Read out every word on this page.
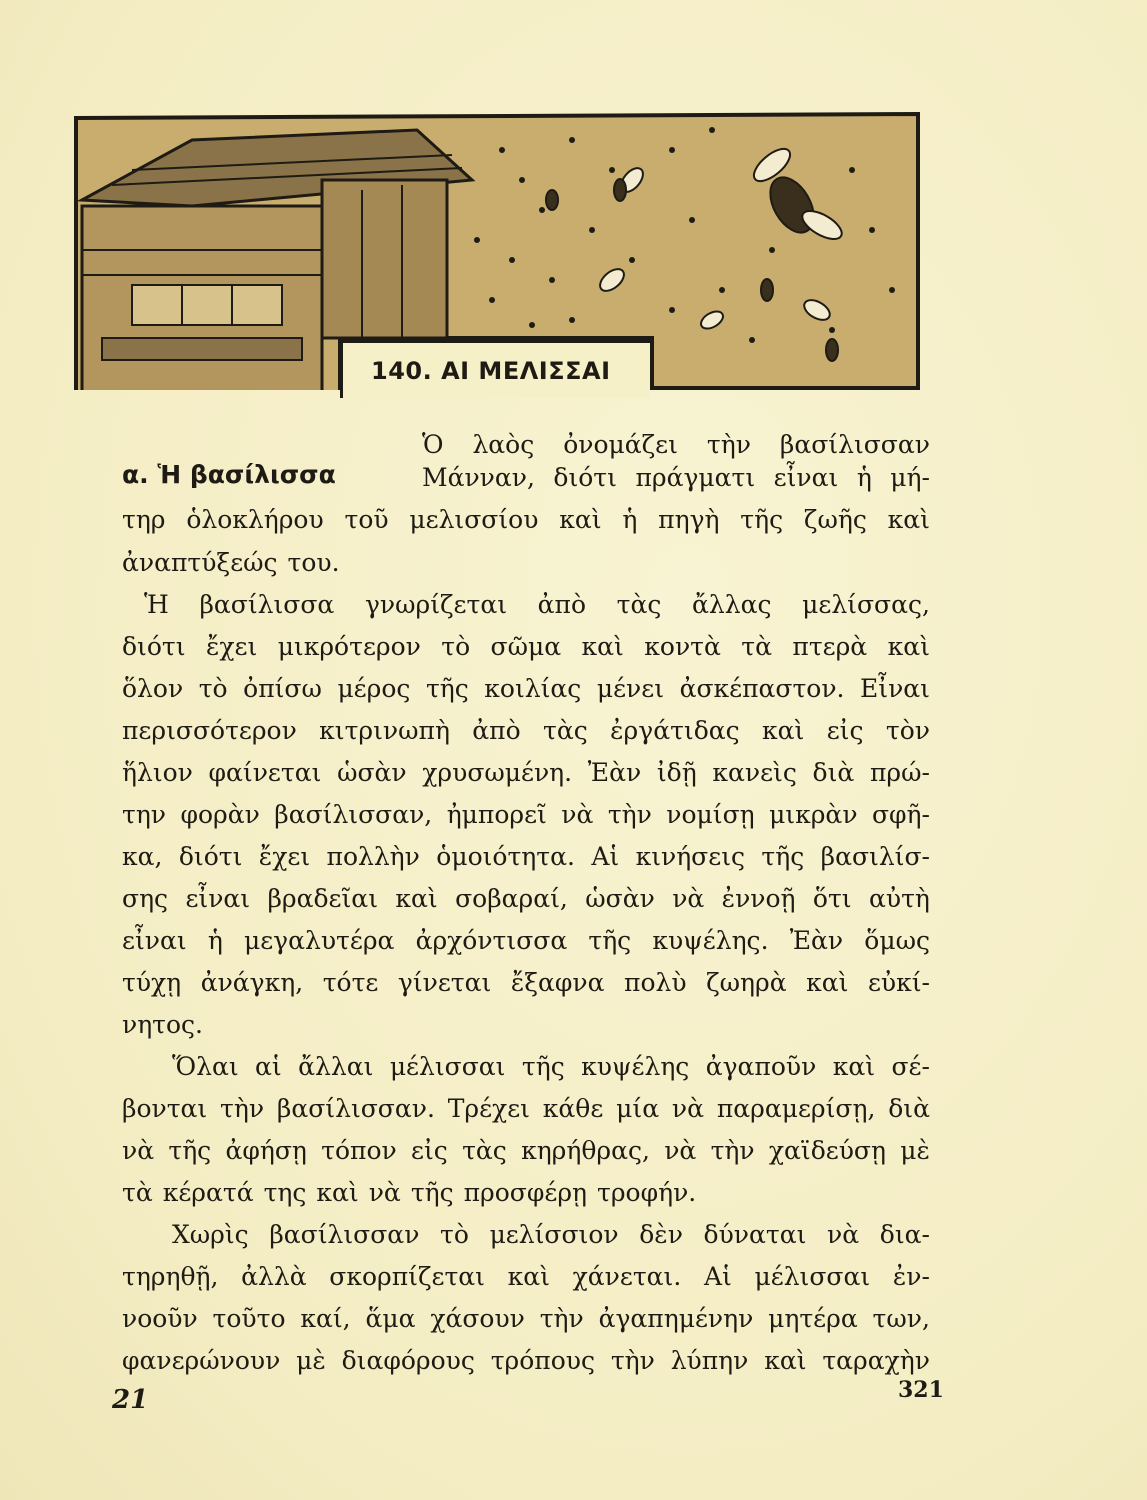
140. ΑΙ ΜΕΛΙΣΣΑΙ
α. Ἡ βασίλισσα
Ὁ λαὸς ὀνομάζει τὴν βασίλισσαν
Μάνναν, διότι πράγματι εἶναι ἡ μή-
τηρ ὁλοκλήρου τοῦ μελισσίου καὶ ἡ πηγὴ τῆς ζωῆς καὶ
ἀναπτύξεώς του.
Ἡ βασίλισσα γνωρίζεται ἀπὸ τὰς ἄλλας μελίσσας,
διότι ἔχει μικρότερον τὸ σῶμα καὶ κοντὰ τὰ πτερὰ καὶ
ὅλον τὸ ὀπίσω μέρος τῆς κοιλίας μένει ἀσκέπαστον. Εἶναι
περισσότερον κιτρινωπὴ ἀπὸ τὰς ἐργάτιδας καὶ εἰς τὸν
ἥλιον φαίνεται ὡσὰν χρυσωμένη. Ἐὰν ἰδῇ κανεὶς διὰ πρώ-
την φορὰν βασίλισσαν, ἠμπορεῖ νὰ τὴν νομίσῃ μικρὰν σφῆ-
κα, διότι ἔχει πολλὴν ὁμοιότητα. Αἱ κινήσεις τῆς βασιλίσ-
σης εἶναι βραδεῖαι καὶ σοβαραί, ὡσὰν νὰ ἐννοῇ ὅτι αὐτὴ
εἶναι ἡ μεγαλυτέρα ἀρχόντισσα τῆς κυψέλης. Ἐὰν ὅμως
τύχῃ ἀνάγκη, τότε γίνεται ἔξαφνα πολὺ ζωηρὰ καὶ εὐκί-
νητος.
Ὅλαι αἱ ἄλλαι μέλισσαι τῆς κυψέλης ἀγαποῦν καὶ σέ-
βονται τὴν βασίλισσαν. Τρέχει κάθε μία νὰ παραμερίσῃ, διὰ
νὰ τῆς ἀφήσῃ τόπον εἰς τὰς κηρήθρας, νὰ τὴν χαϊδεύσῃ μὲ
τὰ κέρατά της καὶ νὰ τῆς προσφέρῃ τροφήν.
Χωρὶς βασίλισσαν τὸ μελίσσιον δὲν δύναται νὰ δια-
τηρηθῇ, ἀλλὰ σκορπίζεται καὶ χάνεται. Αἱ μέλισσαι ἐν-
νοοῦν τοῦτο καί, ἅμα χάσουν τὴν ἀγαπημένην μητέρα των,
φανερώνουν μὲ διαφόρους τρόπους τὴν λύπην καὶ ταραχὴν
21	321
